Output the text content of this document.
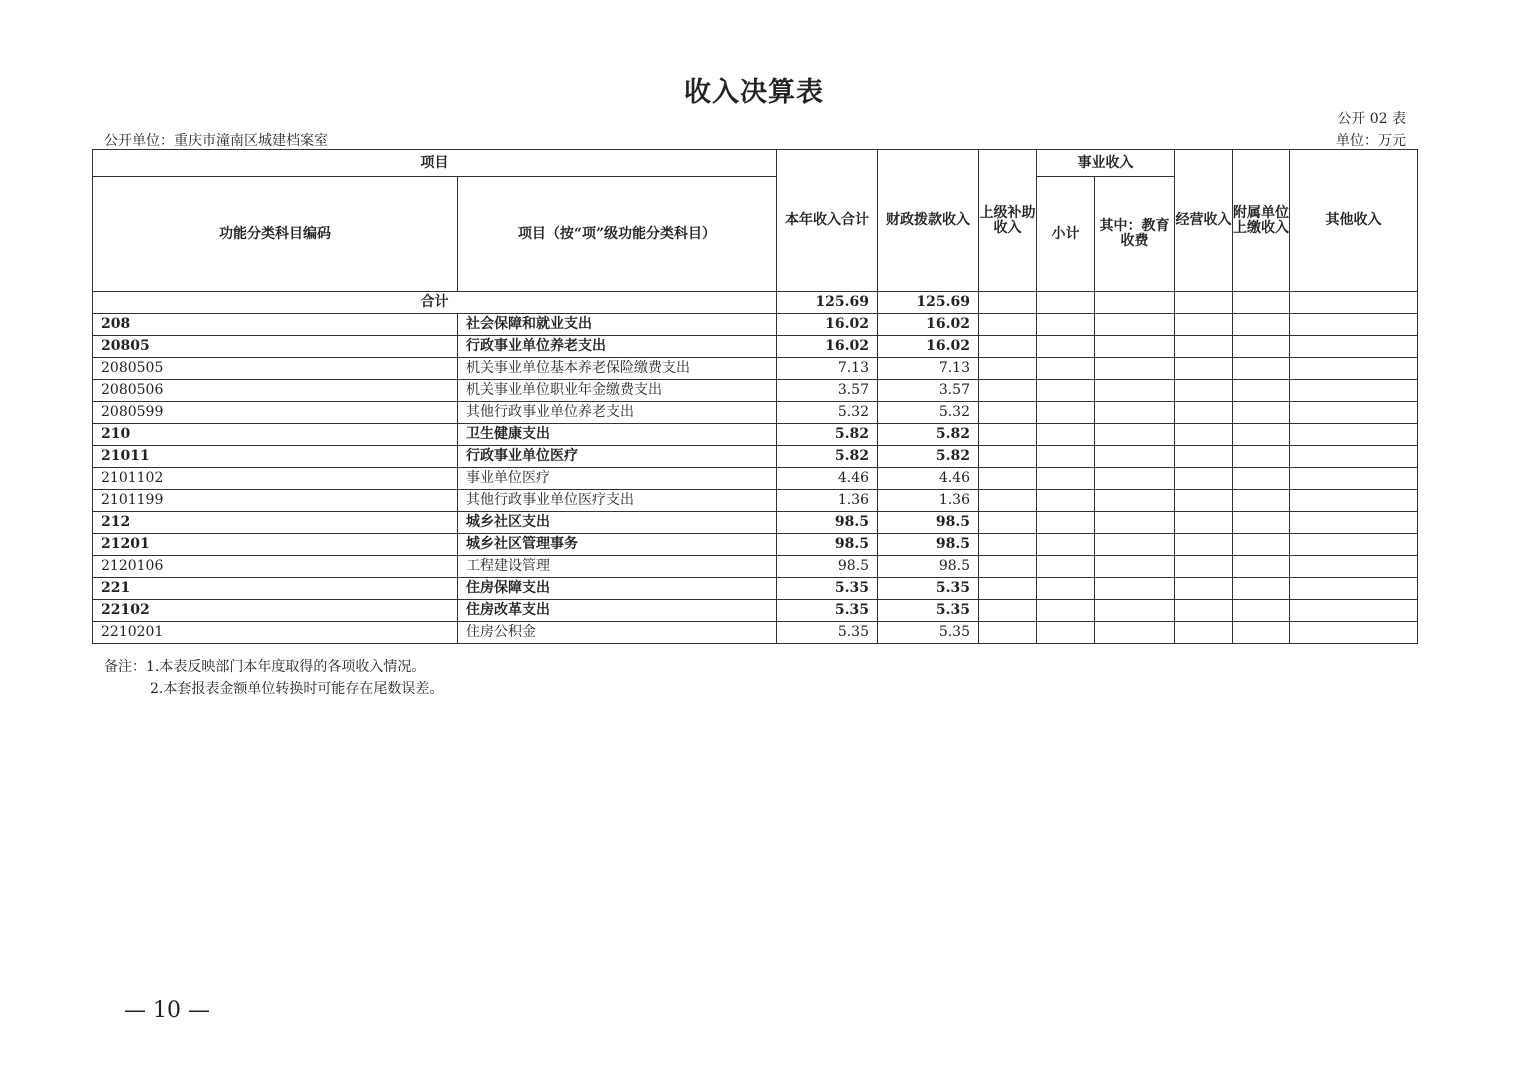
收入决算表
公开 02 表
公开单位：重庆市潼南区城建档案室	单位：万元
项目		本年收入合计	财政拨款收入	上级补助收入	事业收入		经营收入	附属单位上缴收入	其他收入
功能分类科目编码	项目（按“项”级功能分类科目）				小计	其中：教育收费			
合计		125.69	125.69						
208	社会保障和就业支出	16.02	16.02						
20805	行政事业单位养老支出	16.02	16.02						
2080505	机关事业单位基本养老保险缴费支出	7.13	7.13						
2080506	机关事业单位职业年金缴费支出	3.57	3.57						
2080599	其他行政事业单位养老支出	5.32	5.32						
210	卫生健康支出	5.82	5.82						
21011	行政事业单位医疗	5.82	5.82						
2101102	事业单位医疗	4.46	4.46						
2101199	其他行政事业单位医疗支出	1.36	1.36						
212	城乡社区支出	98.5	98.5						
21201	城乡社区管理事务	98.5	98.5						
2120106	工程建设管理	98.5	98.5						
221	住房保障支出	5.35	5.35						
22102	住房改革支出	5.35	5.35						
2210201	住房公积金	5.35	5.35						
备注：1.本表反映部门本年度取得的各项收入情况。
2.本套报表金额单位转换时可能存在尾数误差。
— 10 —
